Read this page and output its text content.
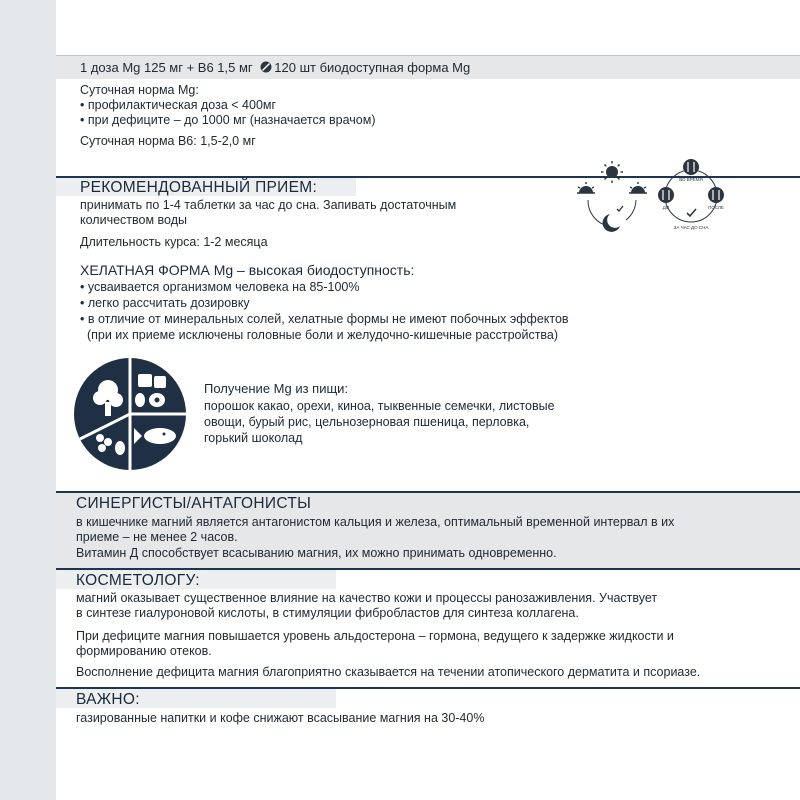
1 доза Mg 125 мг + B6 1,5 мг 120 шт биодоступная форма Mg
Суточная норма Mg:
• профилактическая доза < 400мг
• при дефиците – до 1000 мг (назначается врачом)
Суточная норма B6: 1,5-2,0 мг
РЕКОМЕНДОВАННЫЙ ПРИЕМ:
принимать по 1-4 таблетки за час до сна. Запивать достаточным
количеством воды
Длительность курса: 1-2 месяца
ВО ВРЕМЯ
ДО	ПОСЛЕ
ЗА ЧАС ДО СНА
ХЕЛАТНАЯ ФОРМА Mg – высокая биодоступность:
• усваивается организмом человека на 85-100%
• легко рассчитать дозировку
• в отличие от минеральных солей, хелатные формы не имеют побочных эффектов
(при их приеме исключены головные боли и желудочно-кишечные расстройства)
Получение Mg из пищи:
порошок какао, орехи, киноа, тыквенные семечки, листовые
овощи, бурый рис, цельнозерновая пшеница, перловка,
горький шоколад
СИНЕРГИСТЫ/АНТАГОНИСТЫ
в кишечнике магний является антагонистом кальция и железа, оптимальный временной интервал в их
приеме – не менее 2 часов.
Витамин Д способствует всасыванию магния, их можно принимать одновременно.
КОСМЕТОЛОГУ:
магний оказывает существенное влияние на качество кожи и процессы ранозаживления. Участвует
в синтезе гиалуроновой кислоты, в стимуляции фибробластов для синтеза коллагена.
При дефиците магния повышается уровень альдостерона – гормона, ведущего к задержке жидкости и
формированию отеков.
Восполнение дефицита магния благоприятно сказывается на течении атопического дерматита и псориазе.
ВАЖНО:
газированные напитки и кофе снижают всасывание магния на 30-40%
